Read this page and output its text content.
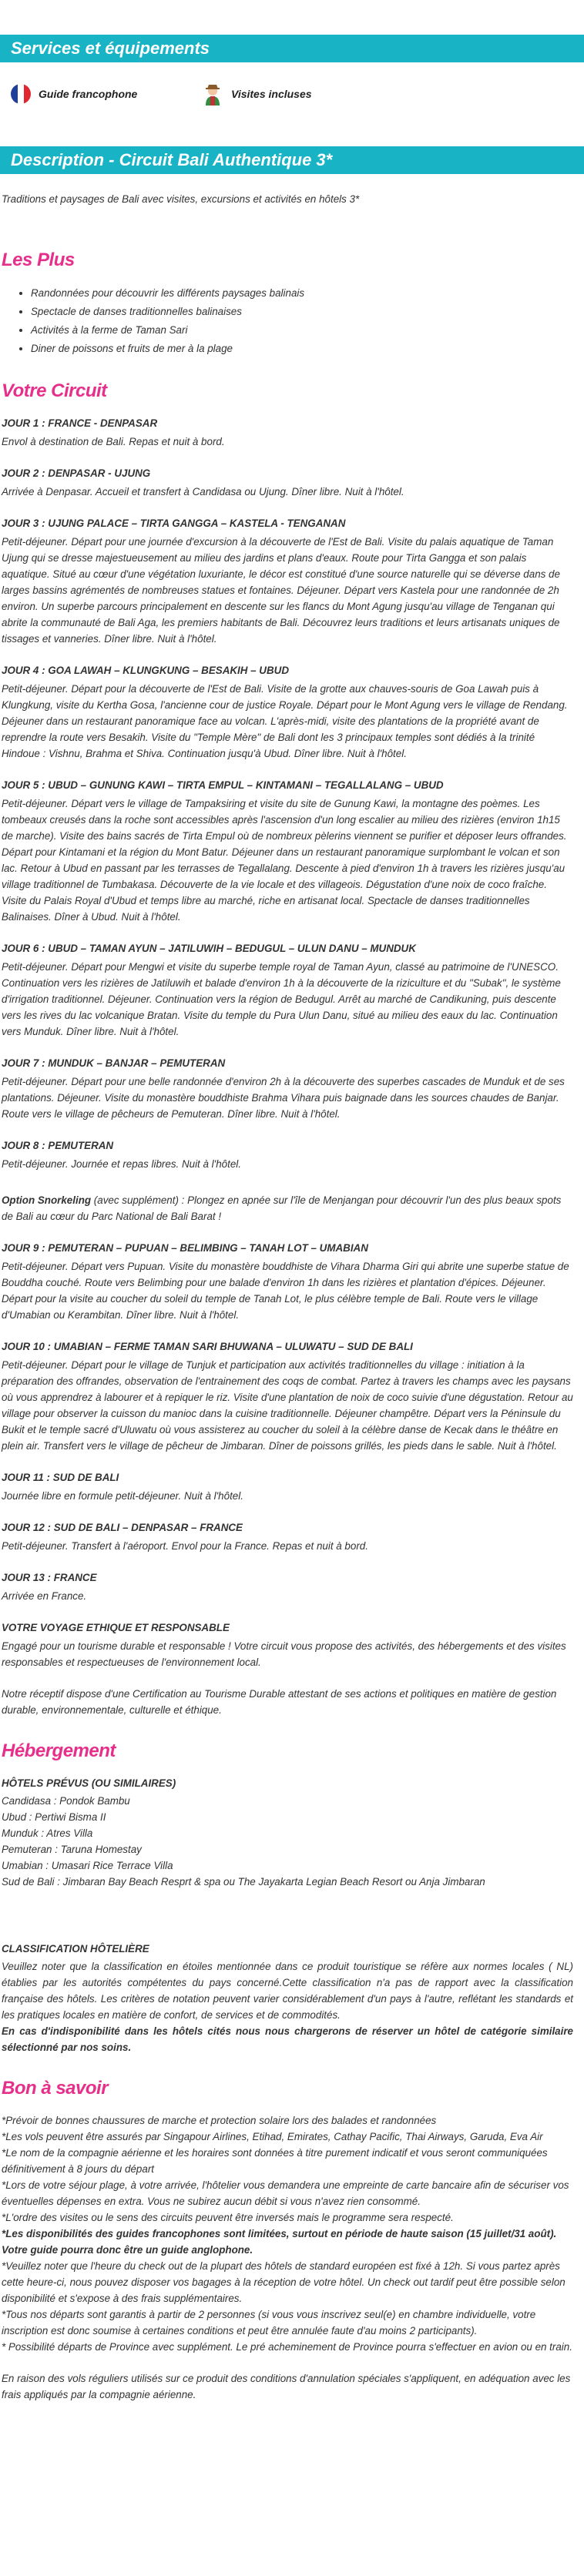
Services et équipements
Guide francophone	Visites incluses
Description - Circuit Bali Authentique 3*

Traditions et paysages de Bali avec visites, excursions et activités en hôtels 3*

Les Plus
• Randonnées pour découvrir les différents paysages balinais
• Spectacle de danses traditionnelles balinaises
• Activités à la ferme de Taman Sari
• Diner de poissons et fruits de mer à la plage
Votre Circuit
JOUR 1 : FRANCE - DENPASAR
Envol à destination de Bali. Repas et nuit à bord.
JOUR 2 : DENPASAR - UJUNG
Arrivée à Denpasar. Accueil et transfert à Candidasa ou Ujung. Dîner libre. Nuit à l'hôtel.
JOUR 3 : UJUNG PALACE – TIRTA GANGGA – KASTELA - TENGANAN
Petit-déjeuner. Départ pour une journée d'excursion à la découverte de l'Est de Bali. Visite du palais aquatique de Taman Ujung qui se dresse majestueusement au milieu des jardins et plans d'eaux. Route pour Tirta Gangga et son palais aquatique. Situé au cœur d'une végétation luxuriante, le décor est constitué d'une source naturelle qui se déverse dans de larges bassins agrémentés de nombreuses statues et fontaines. Déjeuner. Départ vers Kastela pour une randonnée de 2h environ. Un superbe parcours principalement en descente sur les flancs du Mont Agung jusqu'au village de Tenganan qui abrite la communauté de Bali Aga, les premiers habitants de Bali. Découvrez leurs traditions et leurs artisanats uniques de tissages et vanneries. Dîner libre. Nuit à l'hôtel.
JOUR 4 : GOA LAWAH – KLUNGKUNG – BESAKIH – UBUD
Petit-déjeuner. Départ pour la découverte de l'Est de Bali. Visite de la grotte aux chauves-souris de Goa Lawah puis à Klungkung, visite du Kertha Gosa, l'ancienne cour de justice Royale. Départ pour le Mont Agung vers le village de Rendang. Déjeuner dans un restaurant panoramique face au volcan. L'après-midi, visite des plantations de la propriété avant de reprendre la route vers Besakih. Visite du "Temple Mère" de Bali dont les 3 principaux temples sont dédiés à la trinité Hindoue : Vishnu, Brahma et Shiva. Continuation jusqu'à Ubud. Dîner libre. Nuit à l'hôtel.
JOUR 5 : UBUD – GUNUNG KAWI – TIRTA EMPUL – KINTAMANI – TEGALLALANG – UBUD
Petit-déjeuner. Départ vers le village de Tampaksiring et visite du site de Gunung Kawi, la montagne des poèmes. Les tombeaux creusés dans la roche sont accessibles après l'ascension d'un long escalier au milieu des rizières (environ 1h15 de marche). Visite des bains sacrés de Tirta Empul où de nombreux pèlerins viennent se purifier et déposer leurs offrandes. Départ pour Kintamani et la région du Mont Batur. Déjeuner dans un restaurant panoramique surplombant le volcan et son lac. Retour à Ubud en passant par les terrasses de Tegallalang. Descente à pied d'environ 1h à travers les rizières jusqu'au village traditionnel de Tumbakasa. Découverte de la vie locale et des villageois. Dégustation d'une noix de coco fraîche. Visite du Palais Royal d'Ubud et temps libre au marché, riche en artisanat local. Spectacle de danses traditionnelles Balinaises. Dîner à Ubud. Nuit à l'hôtel.
JOUR 6 : UBUD – TAMAN AYUN – JATILUWIH – BEDUGUL – ULUN DANU – MUNDUK
Petit-déjeuner. Départ pour Mengwi et visite du superbe temple royal de Taman Ayun, classé au patrimoine de l'UNESCO. Continuation vers les rizières de Jatiluwih et balade d'environ 1h à la découverte de la riziculture et du "Subak", le système d'irrigation traditionnel. Déjeuner. Continuation vers la région de Bedugul. Arrêt au marché de Candikuning, puis descente vers les rives du lac volcanique Bratan. Visite du temple du Pura Ulun Danu, situé au milieu des eaux du lac. Continuation vers Munduk. Dîner libre. Nuit à l'hôtel.
JOUR 7 : MUNDUK – BANJAR – PEMUTERAN
Petit-déjeuner. Départ pour une belle randonnée d'environ 2h à la découverte des superbes cascades de Munduk et de ses plantations. Déjeuner. Visite du monastère bouddhiste Brahma Vihara puis baignade dans les sources chaudes de Banjar. Route vers le village de pêcheurs de Pemuteran. Dîner libre. Nuit à l'hôtel.
JOUR 8 : PEMUTERAN
Petit-déjeuner. Journée et repas libres. Nuit à l'hôtel.
Option Snorkeling (avec supplément) : Plongez en apnée sur l'île de Menjangan pour découvrir l'un des plus beaux spots de Bali au cœur du Parc National de Bali Barat !
JOUR 9 : PEMUTERAN – PUPUAN – BELIMBING – TANAH LOT – UMABIAN
Petit-déjeuner. Départ vers Pupuan. Visite du monastère bouddhiste de Vihara Dharma Giri qui abrite une superbe statue de Bouddha couché. Route vers Belimbing pour une balade d'environ 1h dans les rizières et plantation d'épices. Déjeuner. Départ pour la visite au coucher du soleil du temple de Tanah Lot, le plus célèbre temple de Bali. Route vers le village d'Umabian ou Kerambitan. Dîner libre. Nuit à l'hôtel.
JOUR 10 : UMABIAN – FERME TAMAN SARI BHUWANA – ULUWATU – SUD DE BALI
Petit-déjeuner. Départ pour le village de Tunjuk et participation aux activités traditionnelles du village : initiation à la préparation des offrandes, observation de l'entrainement des coqs de combat. Partez à travers les champs avec les paysans où vous apprendrez à labourer et à repiquer le riz. Visite d'une plantation de noix de coco suivie d'une dégustation. Retour au village pour observer la cuisson du manioc dans la cuisine traditionnelle. Déjeuner champêtre. Départ vers la Péninsule du Bukit et le temple sacré d'Uluwatu où vous assisterez au coucher du soleil à la célèbre danse de Kecak dans le théâtre en plein air. Transfert vers le village de pêcheur de Jimbaran. Dîner de poissons grillés, les pieds dans le sable. Nuit à l'hôtel.
JOUR 11 : SUD DE BALI
Journée libre en formule petit-déjeuner. Nuit à l'hôtel.
JOUR 12 : SUD DE BALI – DENPASAR – FRANCE
Petit-déjeuner. Transfert à l'aéroport. Envol pour la France. Repas et nuit à bord.
JOUR 13 : FRANCE
Arrivée en France.
VOTRE VOYAGE ETHIQUE ET RESPONSABLE
Engagé pour un tourisme durable et responsable ! Votre circuit vous propose des activités, des hébergements et des visites responsables et respectueuses de l'environnement local.

Notre réceptif dispose d'une Certification au Tourisme Durable attestant de ses actions et politiques en matière de gestion durable, environnementale, culturelle et éthique.

Hébergement
HÔTELS PRÉVUS (OU SIMILAIRES)
Candidasa : Pondok Bambu
Ubud : Pertiwi Bisma II
Munduk : Atres Villa
Pemuteran : Taruna Homestay
Umabian : Umasari Rice Terrace Villa
Sud de Bali : Jimbaran Bay Beach Resprt & spa ou The Jayakarta Legian Beach Resort ou Anja Jimbaran
CLASSIFICATION HÔTELIÈRE

Veuillez noter que la classification en étoiles mentionnée dans ce produit touristique se réfère aux normes locales ( NL) établies par les autorités compétentes du pays concerné.Cette classification n'a pas de rapport avec la classification française des hôtels. Les critères de notation peuvent varier considérablement d'un pays à l'autre, reflétant les standards et les pratiques locales en matière de confort, de services et de commodités.

En cas d'indisponibilité dans les hôtels cités nous nous chargerons de réserver un hôtel de catégorie similaire sélectionné par nos soins.

Bon à savoir
*Prévoir de bonnes chaussures de marche et protection solaire lors des balades et randonnées
*Les vols peuvent être assurés par Singapour Airlines, Etihad, Emirates, Cathay Pacific, Thai Airways, Garuda, Eva Air
*Le nom de la compagnie aérienne et les horaires sont données à titre purement indicatif et vous seront communiquées définitivement à 8 jours du départ
*Lors de votre séjour plage, à votre arrivée, l'hôtelier vous demandera une empreinte de carte bancaire afin de sécuriser vos éventuelles dépenses en extra. Vous ne subirez aucun débit si vous n'avez rien consommé.
*L'ordre des visites ou le sens des circuits peuvent être inversés mais le programme sera respecté.
*Les disponibilités des guides francophones sont limitées, surtout en période de haute saison (15 juillet/31 août). Votre guide pourra donc être un guide anglophone.
*Veuillez noter que l'heure du check out de la plupart des hôtels de standard européen est fixé à 12h. Si vous partez après cette heure-ci, nous pouvez disposer vos bagages à la réception de votre hôtel. Un check out tardif peut être possible selon disponibilité et s'expose à des frais supplémentaires.
*Tous nos départs sont garantis à partir de 2 personnes (si vous vous inscrivez seul(e) en chambre individuelle, votre inscription est donc soumise à certaines conditions et peut être annulée faute d'au moins 2 participants).
* Possibilité départs de Province avec supplément. Le pré acheminement de Province pourra s'effectuer en avion ou en train.

En raison des vols réguliers utilisés sur ce produit des conditions d'annulation spéciales s'appliquent, en adéquation avec les frais appliqués par la compagnie aérienne.
